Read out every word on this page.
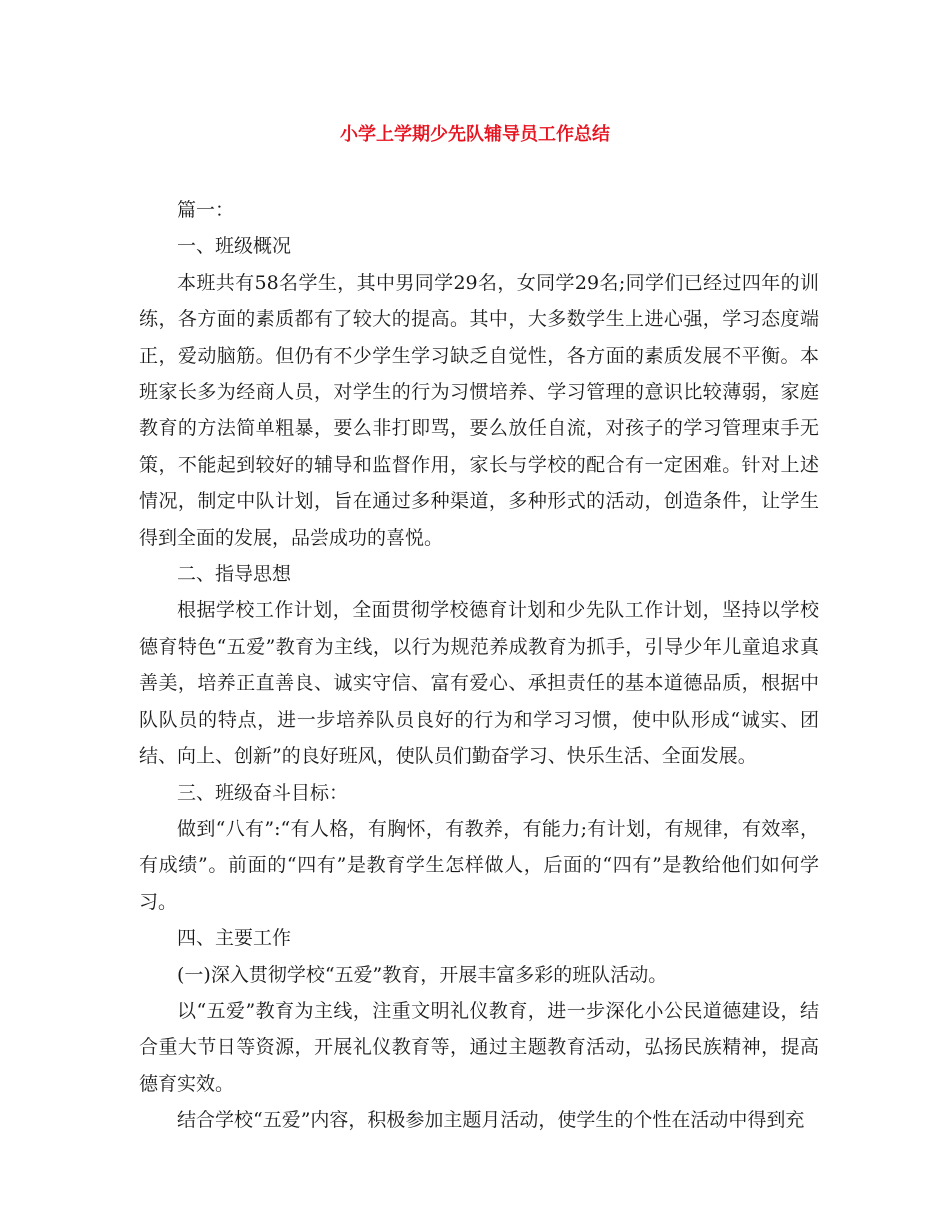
小学上学期少先队辅导员工作总结

篇一：

一、班级概况

本班共有58名学生，其中男同学29名，女同学29名;同学们已经过四年的训练，各方面的素质都有了较大的提高。其中，大多数学生上进心强，学习态度端正，爱动脑筋。但仍有不少学生学习缺乏自觉性，各方面的素质发展不平衡。本班家长多为经商人员，对学生的行为习惯培养、学习管理的意识比较薄弱，家庭教育的方法简单粗暴，要么非打即骂，要么放任自流，对孩子的学习管理束手无策，不能起到较好的辅导和监督作用，家长与学校的配合有一定困难。针对上述情况，制定中队计划，旨在通过多种渠道，多种形式的活动，创造条件，让学生得到全面的发展，品尝成功的喜悦。

二、指导思想

根据学校工作计划，全面贯彻学校德育计划和少先队工作计划，坚持以学校德育特色“五爱”教育为主线，以行为规范养成教育为抓手，引导少年儿童追求真善美，培养正直善良、诚实守信、富有爱心、承担责任的基本道德品质，根据中队队员的特点，进一步培养队员良好的行为和学习习惯，使中队形成“诚实、团结、向上、创新”的良好班风，使队员们勤奋学习、快乐生活、全面发展。

三、班级奋斗目标：

做到“八有”:“有人格，有胸怀，有教养，有能力;有计划，有规律，有效率，有成绩”。前面的“四有”是教育学生怎样做人，后面的“四有”是教给他们如何学习。

四、主要工作

(一)深入贯彻学校“五爱”教育，开展丰富多彩的班队活动。

以“五爱”教育为主线，注重文明礼仪教育，进一步深化小公民道德建设，结合重大节日等资源，开展礼仪教育等，通过主题教育活动，弘扬民族精神，提高德育实效。

结合学校“五爱”内容，积极参加主题月活动，使学生的个性在活动中得到充
